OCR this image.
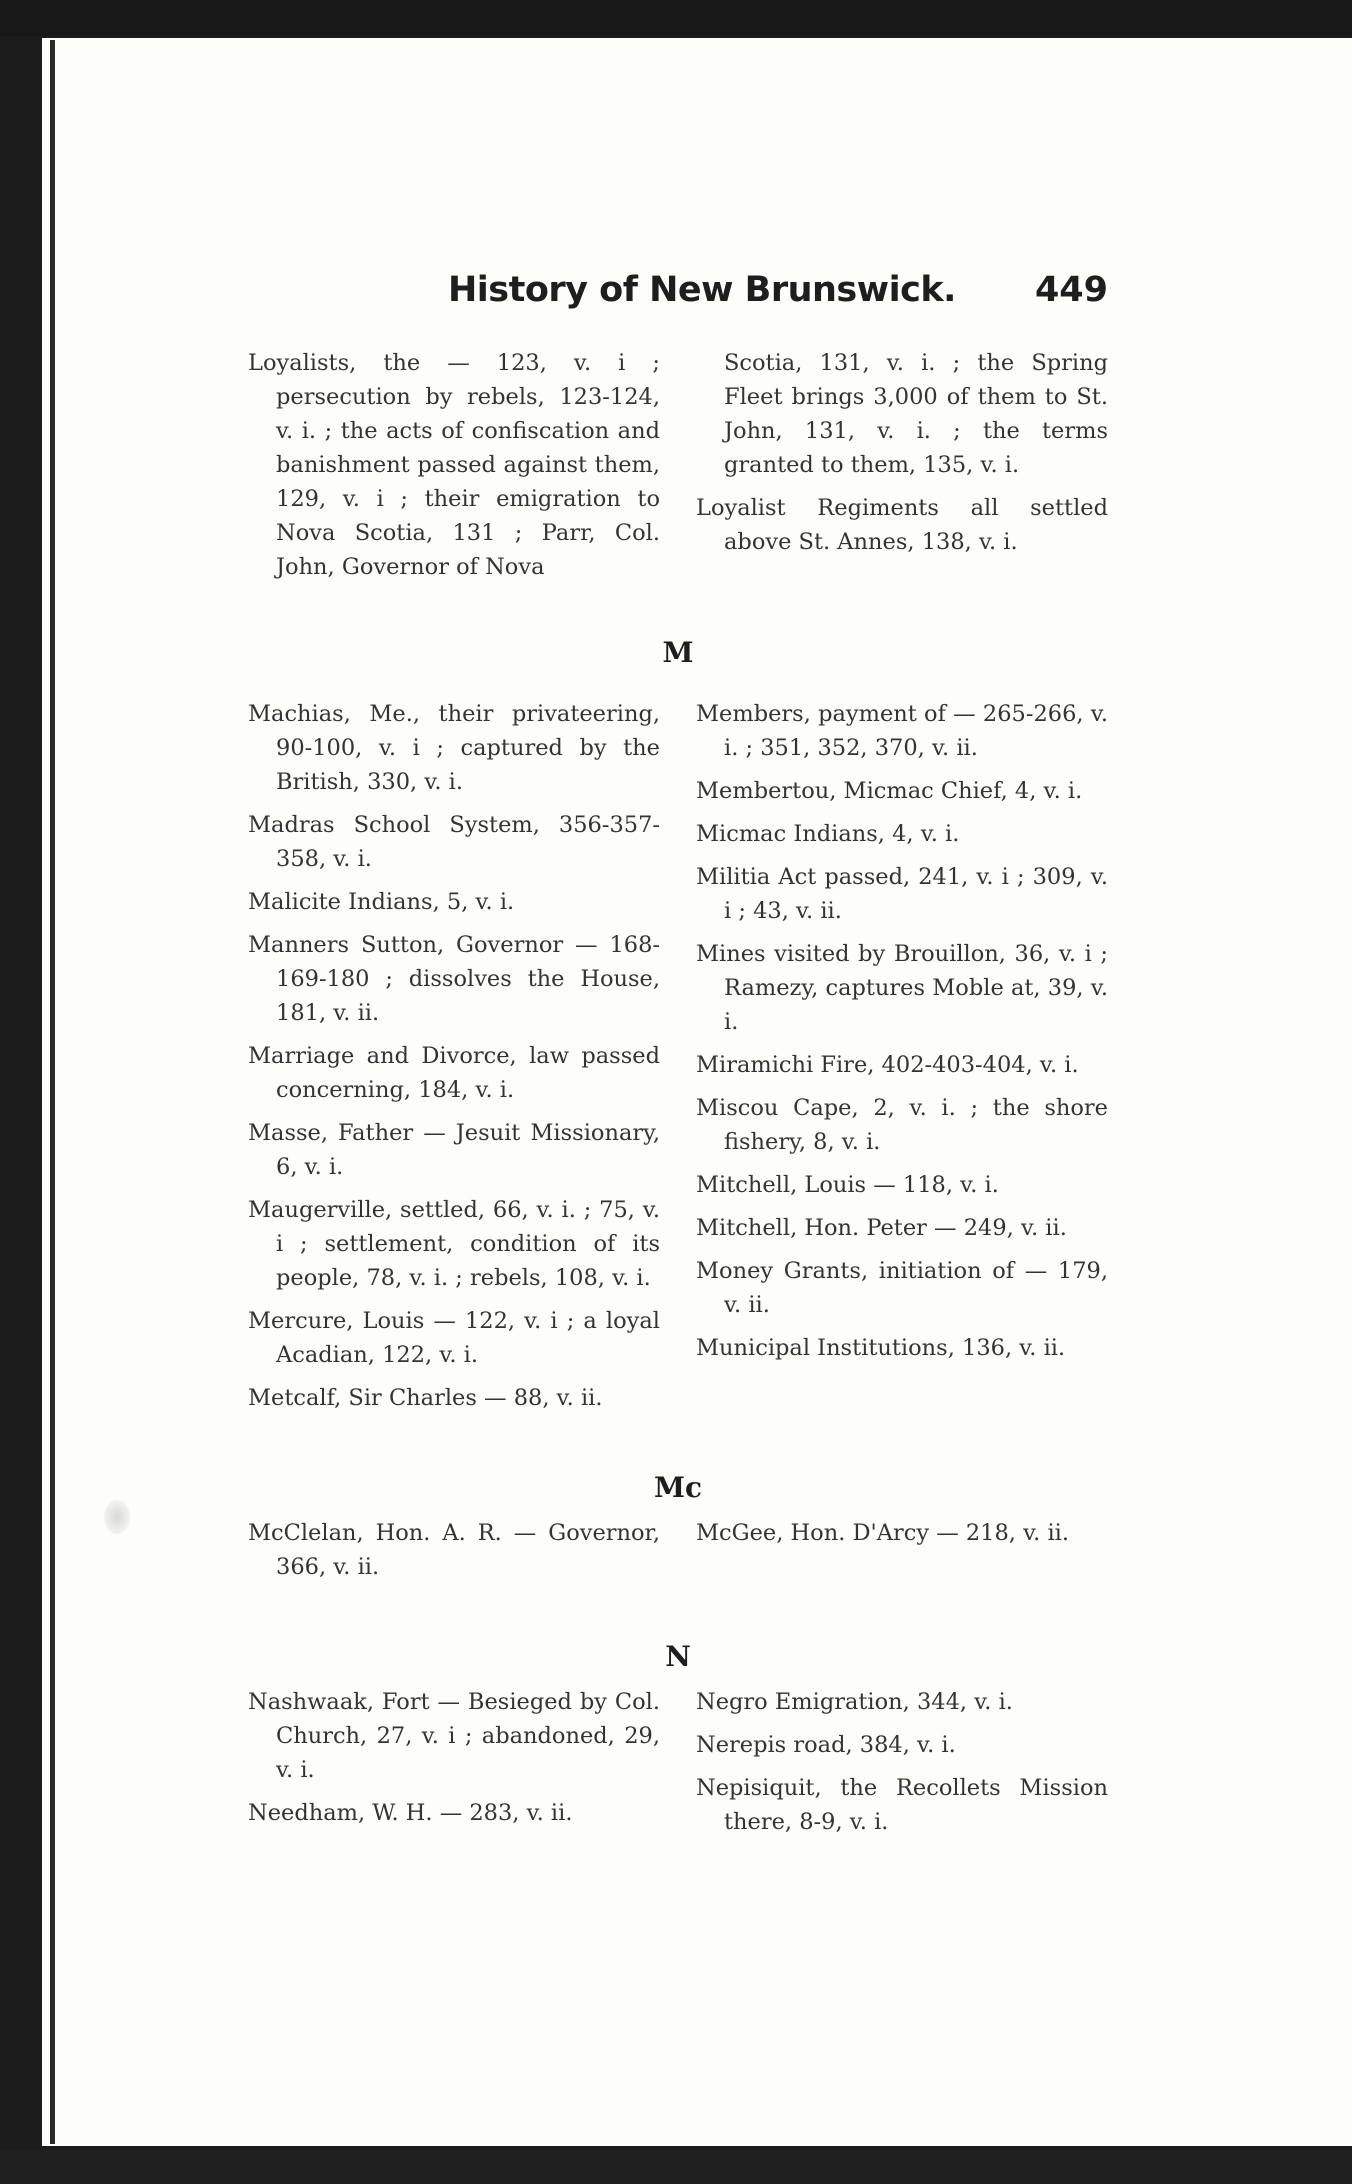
History of New Brunswick. 449

Loyalists, the — 123, v. i ; persecution by rebels, 123-124, v. i. ; the acts of confiscation and banishment passed against them, 129, v. i ; their emigration to Nova Scotia, 131 ; Parr, Col. John, Governor of Nova

Scotia, 131, v. i. ; the Spring Fleet brings 3,000 of them to St. John, 131, v. i. ; the terms granted to them, 135, v. i.

Loyalist Regiments all settled above St. Annes, 138, v. i.

M

Machias, Me., their privateering, 90-100, v. i ; captured by the British, 330, v. i.

Madras School System, 356-357-358, v. i.

Malicite Indians, 5, v. i.

Manners Sutton, Governor — 168-169-180 ; dissolves the House, 181, v. ii.

Marriage and Divorce, law passed concerning, 184, v. i.

Masse, Father — Jesuit Missionary, 6, v. i.

Maugerville, settled, 66, v. i. ; 75, v. i ; settlement, condition of its people, 78, v. i. ; rebels, 108, v. i.

Mercure, Louis — 122, v. i ; a loyal Acadian, 122, v. i.

Metcalf, Sir Charles — 88, v. ii.

Members, payment of — 265-266, v. i. ; 351, 352, 370, v. ii.

Membertou, Micmac Chief, 4, v. i.

Micmac Indians, 4, v. i.

Militia Act passed, 241, v. i ; 309, v. i ; 43, v. ii.

Mines visited by Brouillon, 36, v. i ; Ramezy, captures Moble at, 39, v. i.

Miramichi Fire, 402-403-404, v. i.

Miscou Cape, 2, v. i. ; the shore fishery, 8, v. i.

Mitchell, Louis — 118, v. i.

Mitchell, Hon. Peter — 249, v. ii.

Money Grants, initiation of — 179, v. ii.

Municipal Institutions, 136, v. ii.

Mc

McClelan, Hon. A. R. — Governor, 366, v. ii.

McGee, Hon. D'Arcy — 218, v. ii.

N

Nashwaak, Fort — Besieged by Col. Church, 27, v. i ; abandoned, 29, v. i.

Needham, W. H. — 283, v. ii.

Negro Emigration, 344, v. i.

Nerepis road, 384, v. i.

Nepisiquit, the Recollets Mission there, 8-9, v. i.
